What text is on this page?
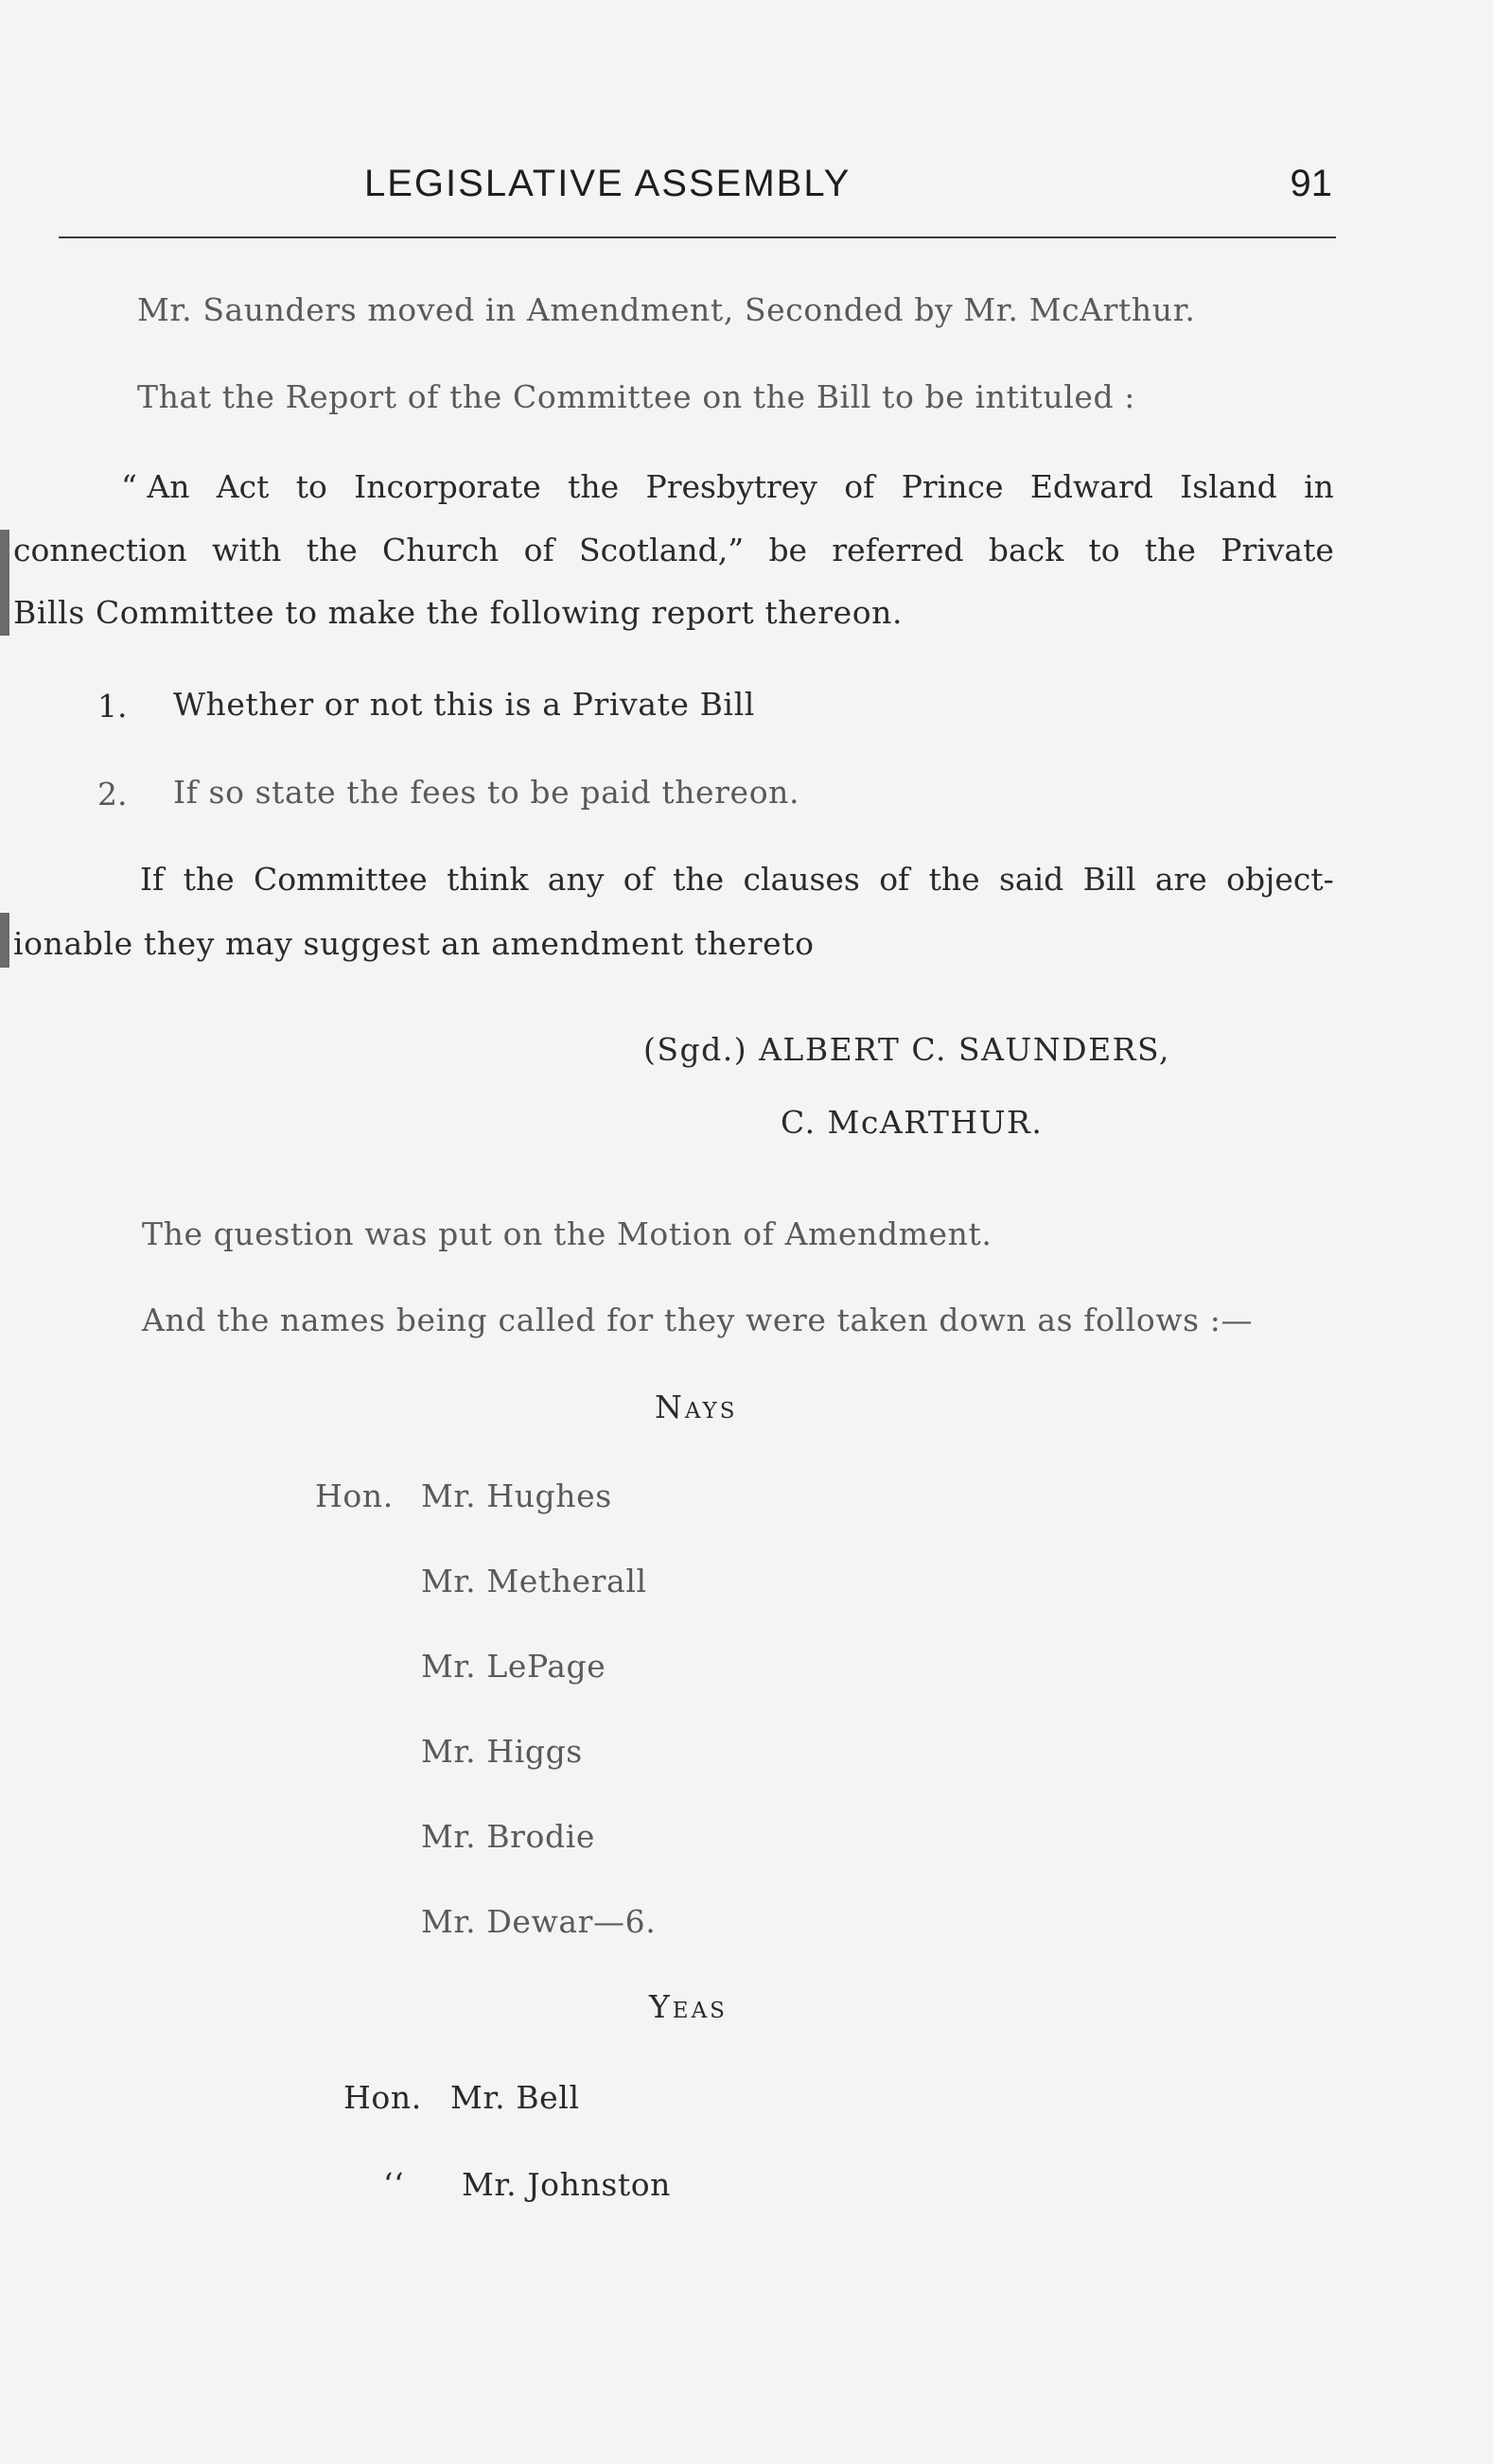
LEGISLATIVE ASSEMBLY	91
Mr. Saunders moved in Amendment, Seconded by Mr. McArthur.
That the Report of the Committee on the Bill to be intituled :
“ An Act to Incorporate the Presbytrey of Prince Edward Island in
connection with the Church of Scotland,” be referred back to the Private
Bills Committee to make the following report thereon.
1. Whether or not this is a Private Bill
2. If so state the fees to be paid thereon.
If the Committee think any of the clauses of the said Bill are object-
ionable they may suggest an amendment thereto
(Sgd.) ALBERT C. SAUNDERS,
C. McARTHUR.
The question was put on the Motion of Amendment.
And the names being called for they were taken down as follows :—
Nays
Hon. Mr. Hughes
Mr. Metherall
Mr. LePage
Mr. Higgs
Mr. Brodie
Mr. Dewar—6.
Yeas
Hon. Mr. Bell
‘‘ Mr. Johnston
